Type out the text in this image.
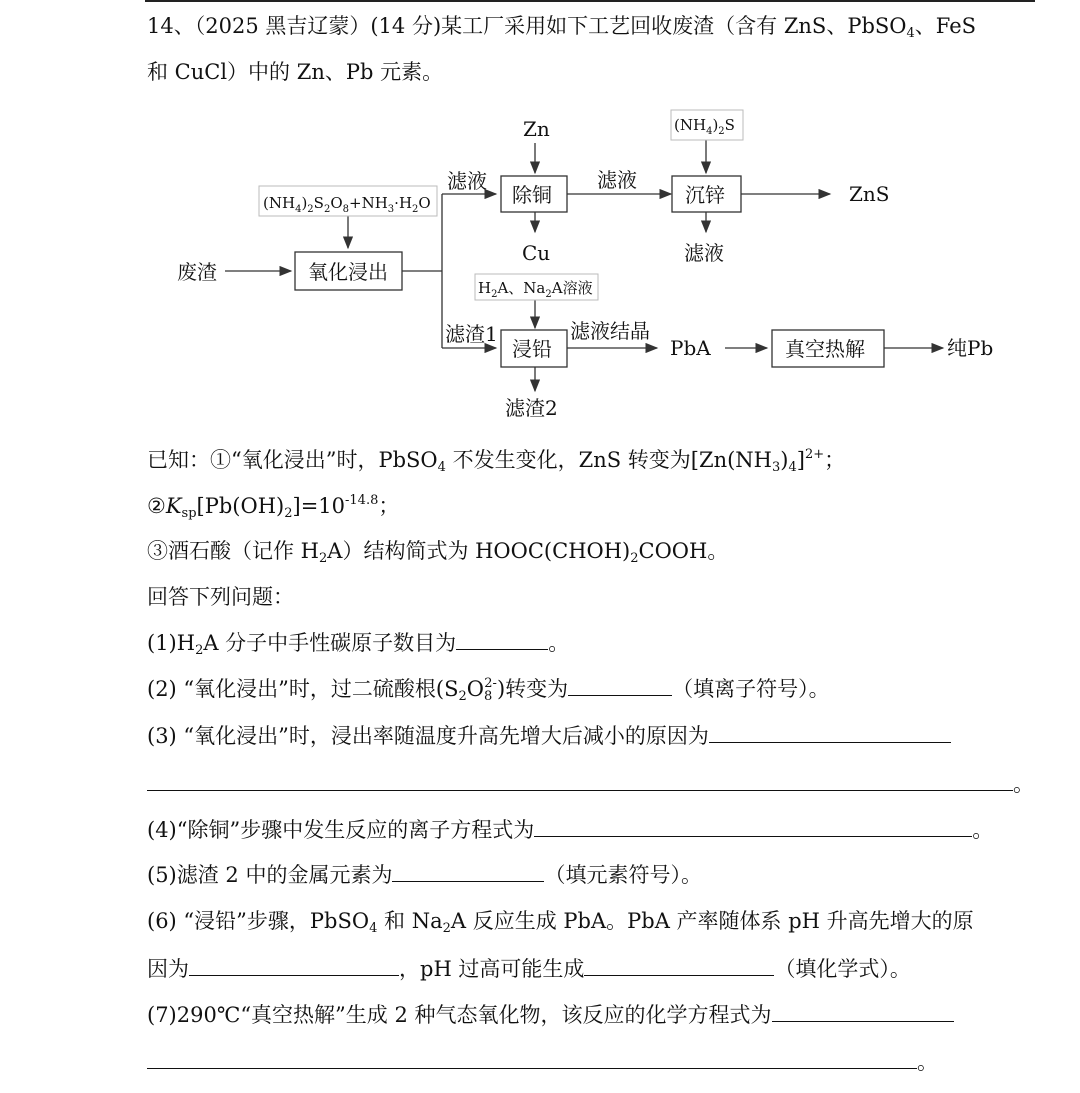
14、（2025 黑吉辽蒙）(14 分)某工厂采用如下工艺回收废渣（含有 ZnS、PbSO$_4$、FeS
和 CuCl）中的 Zn、Pb 元素。
废渣	氧化浸出
$(NH_4)_2S_2O_8+NH_3\cdot H_2O$
滤液
Zn
除铜
Cu
滤液
$(NH_4)_2S$
沉锌	ZnS
滤液
$H_2A$、$Na_2A$溶液
滤渣1
浸铅
滤液结晶
PbA	真空热解	纯Pb
滤渣2
已知：①“氧化浸出”时，PbSO$_4$ 不发生变化，ZnS 转变为$[Zn(NH_3)_4]^{2+}$；
$②K_{sp}[Pb(OH)_2]=10^{-14.8}$；
③酒石酸（记作 $H_2A$）结构简式为 $HOOC(CHOH)_2COOH$。
回答下列问题：
$(1)H_2A$ 分子中手性碳原子数目为	。
(2) “氧化浸出”时，过二硫酸根$(S_2O_8^{2-})$转变为	（填离子符号）。
(3) “氧化浸出”时，浸出率随温度升高先增大后减小的原因为
。
(4)“除铜”步骤中发生反应的离子方程式为	。
(5)滤渣 2 中的金属元素为	（填元素符号）。
(6) “浸铅”步骤，PbSO$_4$ 和 $Na_2A$ 反应生成 PbA。PbA 产率随体系 pH 升高先增大的原
因为	，pH 过高可能生成	（填化学式）。
(7)290℃“真空热解”生成 2 种气态氧化物，该反应的化学方程式为
。
